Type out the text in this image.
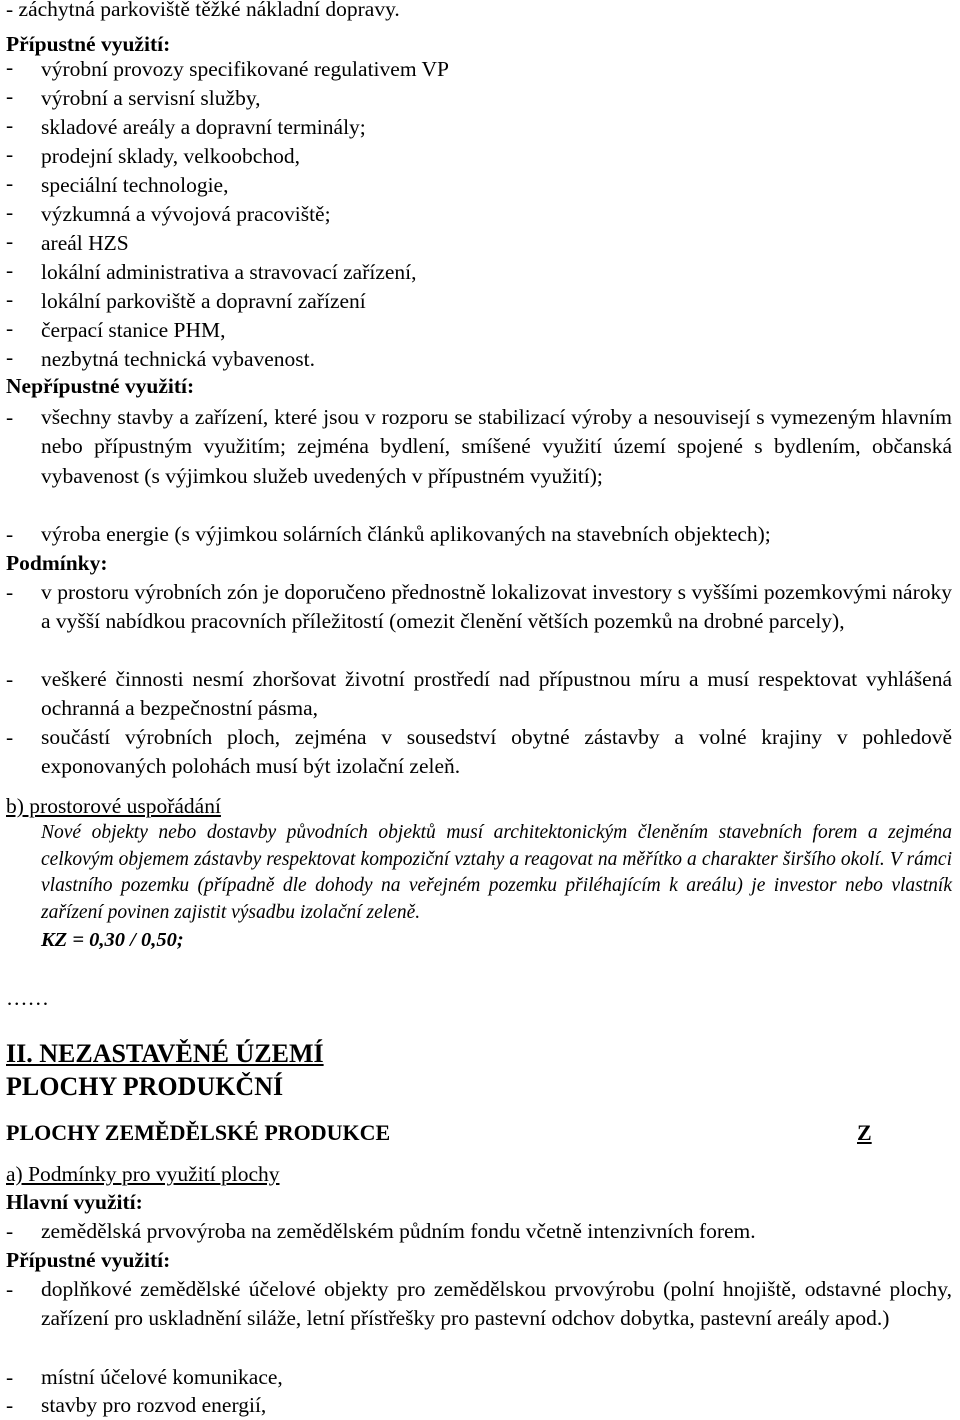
- záchytná parkoviště těžké nákladní dopravy.
Přípustné využití:
-	výrobní provozy specifikované regulativem VP
-	výrobní a servisní služby,
-	skladové areály a dopravní terminály;
-	prodejní sklady, velkoobchod,
-	speciální technologie,
-	výzkumná a vývojová pracoviště;
-	areál HZS
-	lokální administrativa a stravovací zařízení,
-	lokální parkoviště a dopravní zařízení
-	čerpací stanice PHM,
-	nezbytná technická vybavenost.
Nepřípustné využití:
-	všechny stavby a zařízení, které jsou v rozporu se stabilizací výroby a nesouvisejí s vymezeným hlavním nebo přípustným využitím; zejména bydlení, smíšené využití území spojené s bydlením, občanská vybavenost (s výjimkou služeb uvedených v přípustném využití);
-	výroba energie (s výjimkou solárních článků aplikovaných na stavebních objektech);
Podmínky:
-	v prostoru výrobních zón je doporučeno přednostně lokalizovat investory s vyššími pozemkovými nároky a vyšší nabídkou pracovních příležitostí (omezit členění větších pozemků na drobné parcely),
-	veškeré činnosti nesmí zhoršovat životní prostředí nad přípustnou míru a musí respektovat vyhlášená ochranná a bezpečnostní pásma,
-	součástí výrobních ploch, zejména v sousedství obytné zástavby a volné krajiny v pohledově exponovaných polohách musí být izolační zeleň.
b) prostorové uspořádání
Nové objekty nebo dostavby původních objektů musí architektonickým členěním stavebních forem a zejména celkovým objemem zástavby respektovat kompoziční vztahy a reagovat na měřítko a charakter širšího okolí. V rámci vlastního pozemku (případně dle dohody na veřejném pozemku přiléhajícím k areálu) je investor nebo vlastník zařízení povinen zajistit výsadbu izolační zeleně.
KZ = 0,30 / 0,50;
……
II. NEZASTAVĚNÉ ÚZEMÍ
PLOCHY PRODUKČNÍ
PLOCHY ZEMĚDĚLSKÉ PRODUKCE	Z
a) Podmínky pro využití plochy
Hlavní využití:
-	zemědělská prvovýroba na zemědělském půdním fondu včetně intenzivních forem.
Přípustné využití:
-	doplňkové zemědělské účelové objekty pro zemědělskou prvovýrobu (polní hnojiště, odstavné plochy, zařízení pro uskladnění siláže, letní přístřešky pro pastevní odchov dobytka, pastevní areály apod.)
-	místní účelové komunikace,
-	stavby pro rozvod energií,
